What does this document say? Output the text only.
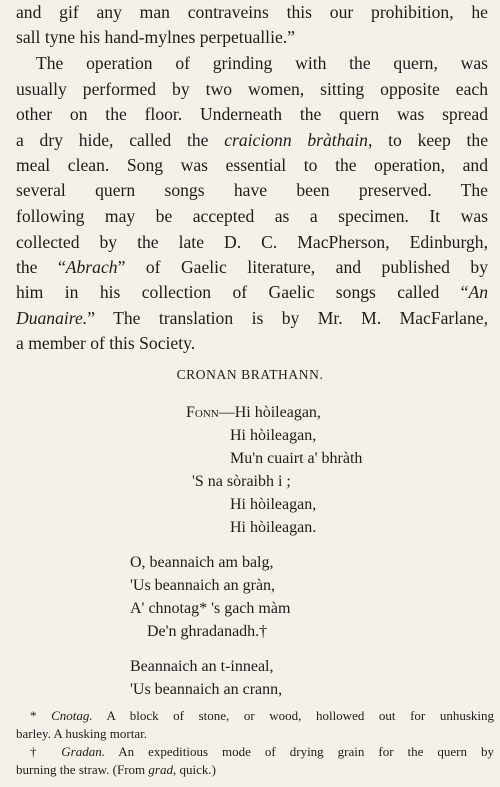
and gif any man contraveins this our prohibition, he
sall tyne his hand-mylnes perpetuallie.”
The operation of grinding with the quern, was
usually performed by two women, sitting opposite each
other on the floor. Underneath the quern was spread
a dry hide, called the craicionn bràthain, to keep the
meal clean. Song was essential to the operation, and
several quern songs have been preserved. The
following may be accepted as a specimen. It was
collected by the late D. C. MacPherson, Edinburgh,
the “Abrach” of Gaelic literature, and published by
him in his collection of Gaelic songs called “An
Duanaire.” The translation is by Mr. M. MacFarlane,
a member of this Society.
CRONAN BRATHANN.
Fonn—Hi hòileagan,
Hi hòileagan,
Mu'n cuairt a' bhràth
'S na sòraibh i ;
Hi hòileagan,
Hi hòileagan.
O, beannaich am balg,
'Us beannaich an gràn,
A' chnotag* 's gach màm
De'n ghradanadh.†
Beannaich an t-inneal,
'Us beannaich an crann,
* Cnotag. A block of stone, or wood, hollowed out for unhusking
barley. A husking mortar.
† Gradan. An expeditious mode of drying grain for the quern by
burning the straw. (From grad, quick.)
